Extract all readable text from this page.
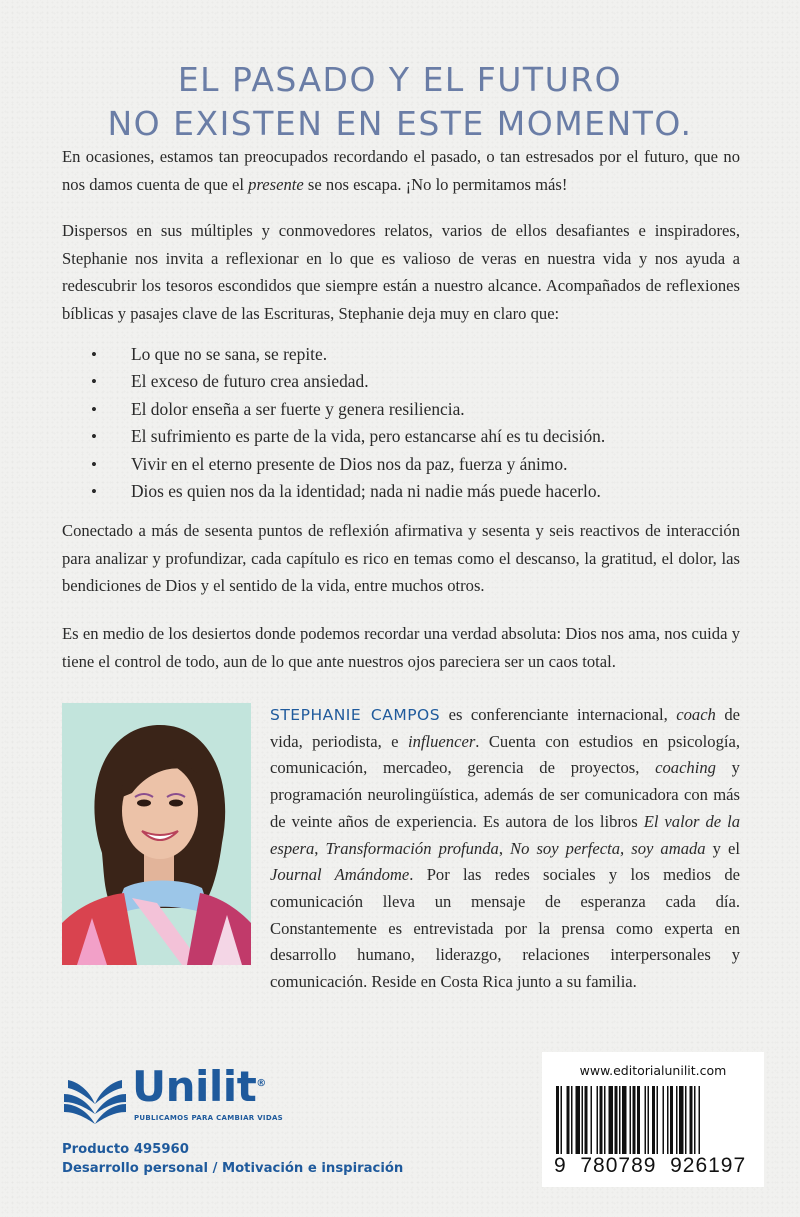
EL PASADO Y EL FUTURO
NO EXISTEN EN ESTE MOMENTO.

En ocasiones, estamos tan preocupados recordando el pasado, o tan estresados por el futuro, que no nos damos cuenta de que el presente se nos escapa. ¡No lo permitamos más!

Dispersos en sus múltiples y conmovedores relatos, varios de ellos desafiantes e inspiradores, Stephanie nos invita a reflexionar en lo que es valioso de veras en nuestra vida y nos ayuda a redescubrir los tesoros escondidos que siempre están a nuestro alcance. Acompañados de reflexiones bíblicas y pasajes clave de las Escrituras, Stephanie deja muy en claro que:

• Lo que no se sana, se repite.
• El exceso de futuro crea ansiedad.
• El dolor enseña a ser fuerte y genera resiliencia.
• El sufrimiento es parte de la vida, pero estancarse ahí es tu decisión.
• Vivir en el eterno presente de Dios nos da paz, fuerza y ánimo.
• Dios es quien nos da la identidad; nada ni nadie más puede hacerlo.

Conectado a más de sesenta puntos de reflexión afirmativa y sesenta y seis reactivos de interacción para analizar y profundizar, cada capítulo es rico en temas como el descanso, la gratitud, el dolor, las bendiciones de Dios y el sentido de la vida, entre muchos otros.

Es en medio de los desiertos donde podemos recordar una verdad absoluta: Dios nos ama, nos cuida y tiene el control de todo, aun de lo que ante nuestros ojos pareciera ser un caos total.

STEPHANIE CAMPOS es conferenciante internacional, coach de vida, periodista, e influencer. Cuenta con estudios en psicología, comunicación, mercadeo, gerencia de proyectos, coaching y programación neurolingüística, además de ser comunicadora con más de veinte años de experiencia. Es autora de los libros El valor de la espera, Transformación profunda, No soy perfecta, soy amada y el Journal Amándome. Por las redes sociales y los medios de comunicación lleva un mensaje de esperanza cada día. Constantemente es entrevistada por la prensa como experta en desarrollo humano, liderazgo, relaciones interpersonales y comunicación. Reside en Costa Rica junto a su familia.

Unilit®
PUBLICAMOS PARA CAMBIAR VIDAS
Producto 495960
Desarrollo personal / Motivación e inspiración
www.editorialunilit.com
9  780789  926197
